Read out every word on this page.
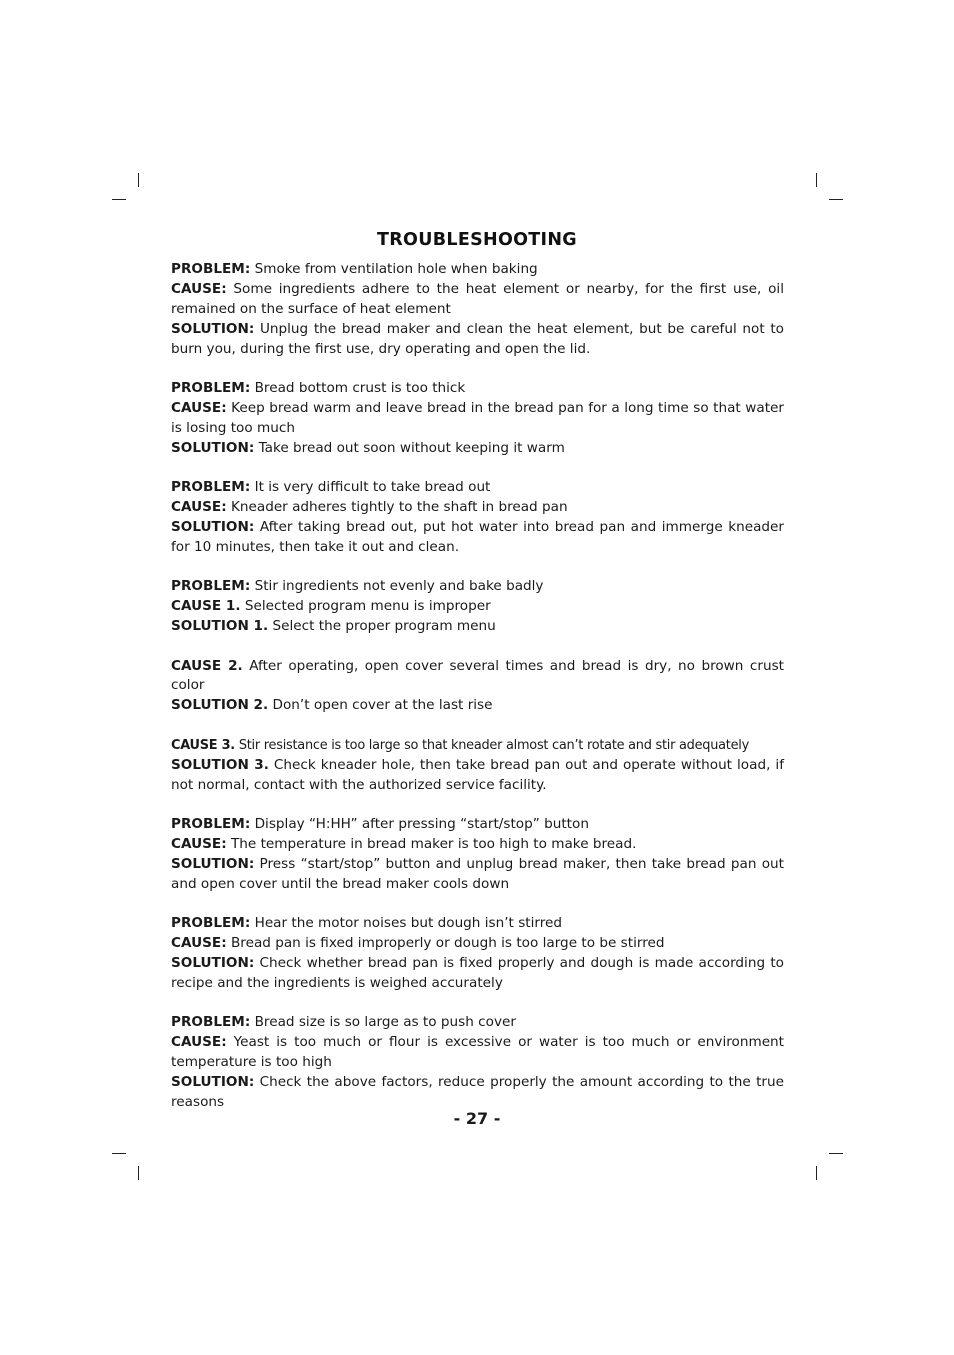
TROUBLESHOOTING
PROBLEM: Smoke from ventilation hole when baking
CAUSE: Some ingredients adhere to the heat element or nearby, for the first use, oil remained on the surface of heat element
SOLUTION: Unplug the bread maker and clean the heat element, but be careful not to burn you, during the first use, dry operating and open the lid.
PROBLEM: Bread bottom crust is too thick
CAUSE: Keep bread warm and leave bread in the bread pan for a long time so that water is losing too much
SOLUTION: Take bread out soon without keeping it warm
PROBLEM: It is very difficult to take bread out
CAUSE: Kneader adheres tightly to the shaft in bread pan
SOLUTION: After taking bread out, put hot water into bread pan and immerge kneader for 10 minutes, then take it out and clean.
PROBLEM: Stir ingredients not evenly and bake badly
CAUSE 1. Selected program menu is improper
SOLUTION 1. Select the proper program menu
CAUSE 2. After operating, open cover several times and bread is dry, no brown crust color
SOLUTION 2. Don’t open cover at the last rise
CAUSE 3. Stir resistance is too large so that kneader almost can’t rotate and stir adequately
SOLUTION 3. Check kneader hole, then take bread pan out and operate without load, if not normal, contact with the authorized service facility.
PROBLEM: Display “H:HH” after pressing “start/stop” button
CAUSE: The temperature in bread maker is too high to make bread.
SOLUTION: Press “start/stop” button and unplug bread maker, then take bread pan out and open cover until the bread maker cools down
PROBLEM: Hear the motor noises but dough isn’t stirred
CAUSE: Bread pan is fixed improperly or dough is too large to be stirred
SOLUTION: Check whether bread pan is fixed properly and dough is made according to recipe and the ingredients is weighed accurately
PROBLEM: Bread size is so large as to push cover
CAUSE: Yeast is too much or flour is excessive or water is too much or environment temperature is too high
SOLUTION: Check the above factors, reduce properly the amount according to the true reasons
- 27 -
